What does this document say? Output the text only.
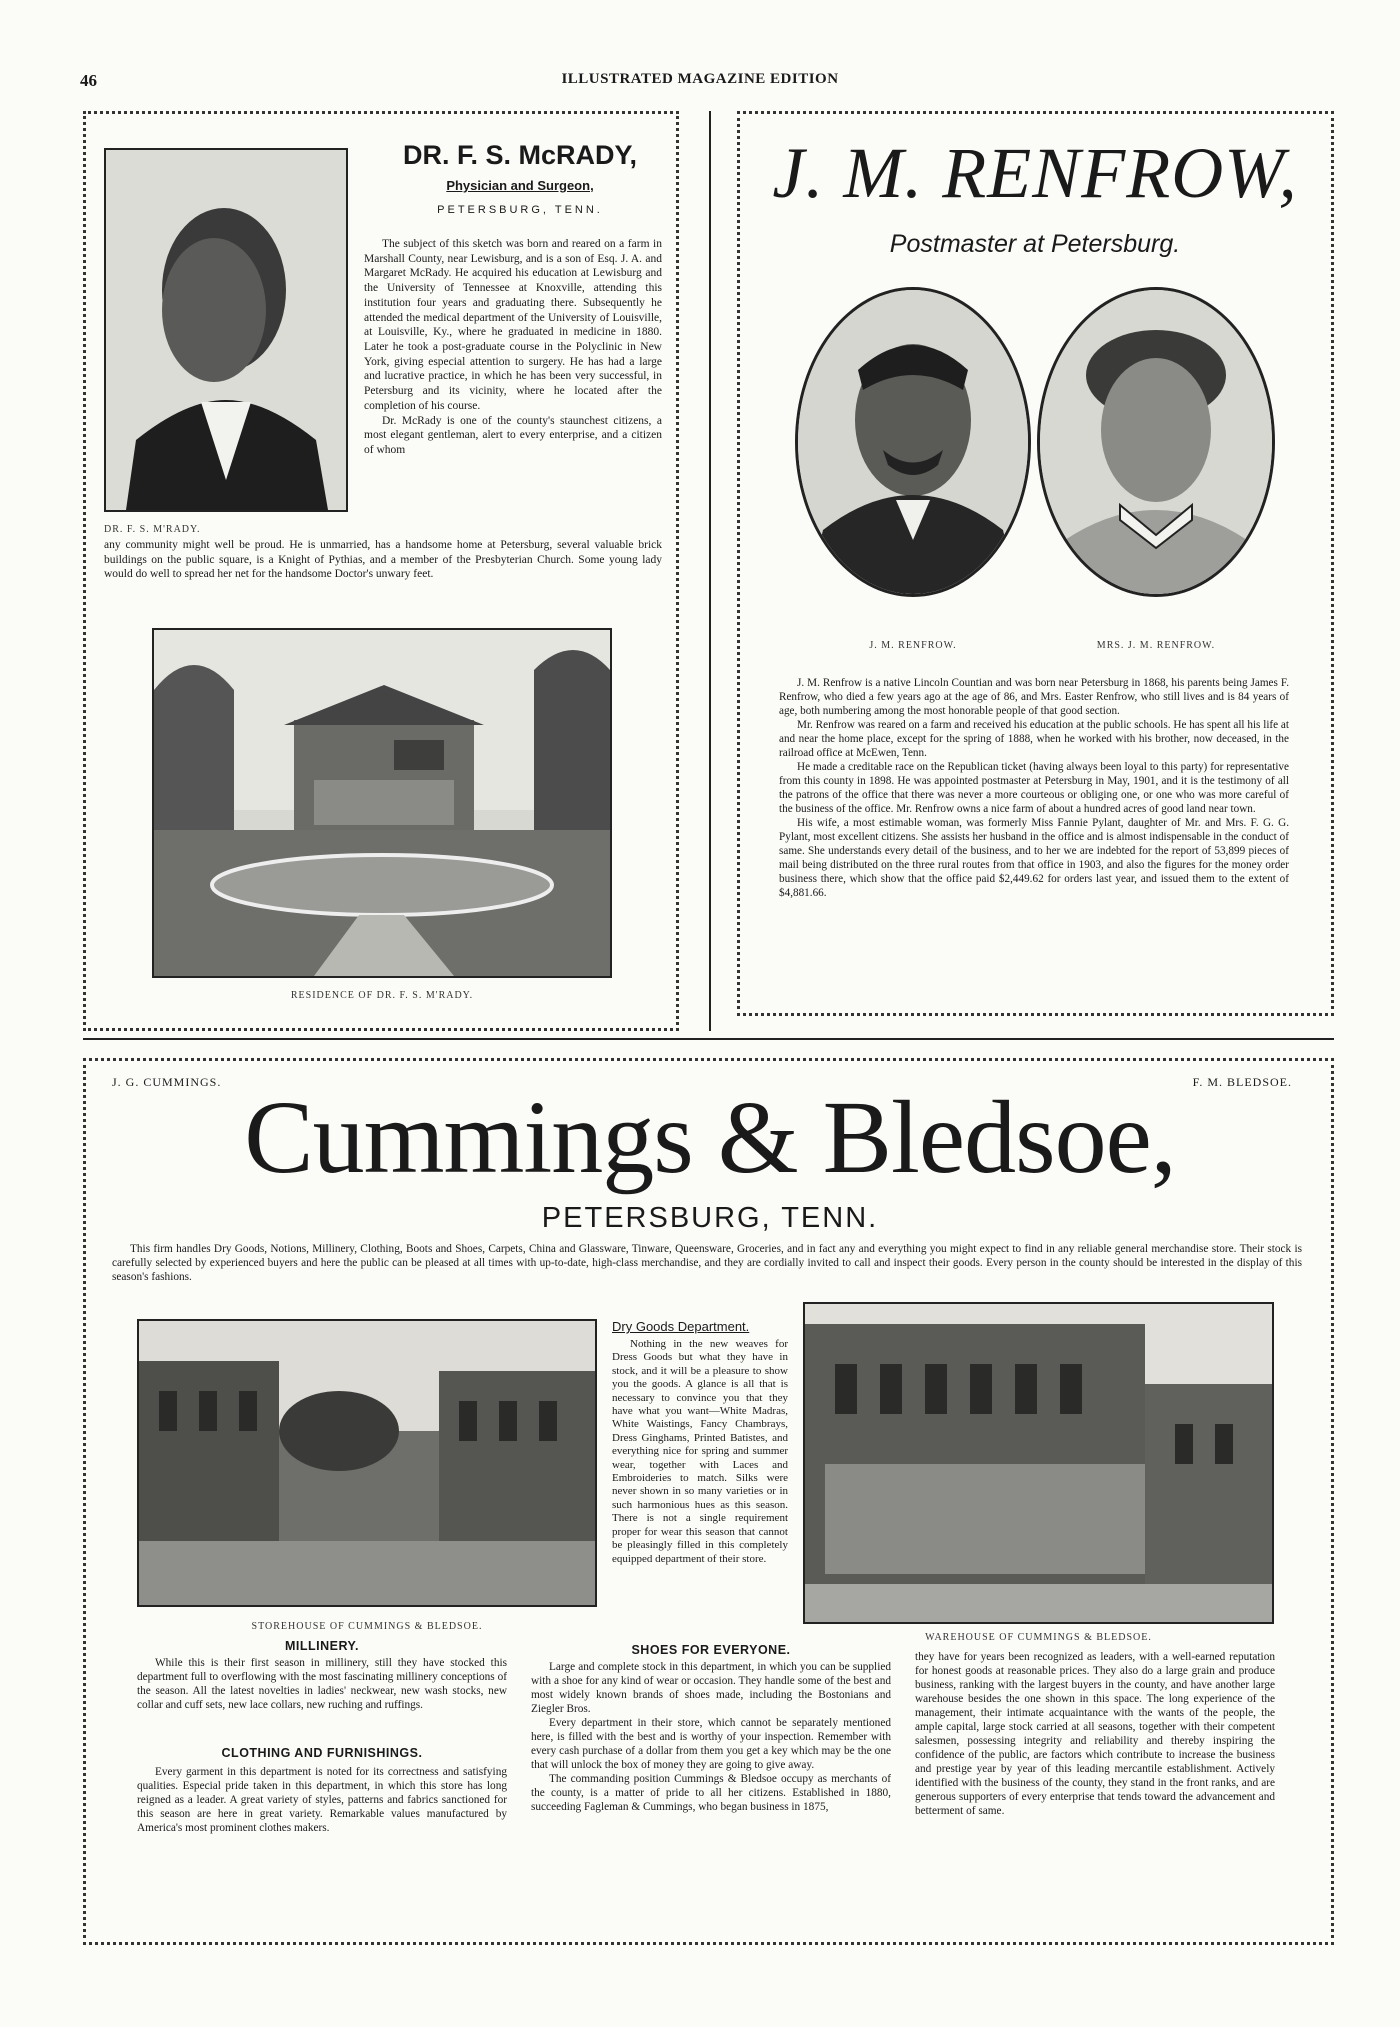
46	ILLUSTRATED MAGAZINE EDITION
DR. F. S. M'RADY.
DR. F. S. McRADY,
Physician and Surgeon,
PETERSBURG, TENN.

The subject of this sketch was born and reared on a farm in Marshall County, near Lewisburg, and is a son of Esq. J. A. and Margaret McRady. He acquired his education at Lewisburg and the University of Tennessee at Knoxville, attending this institution four years and graduating there. Subsequently he attended the medical department of the University of Louisville, at Louisville, Ky., where he graduated in medicine in 1880. Later he took a post-graduate course in the Polyclinic in New York, giving especial attention to surgery. He has had a large and lucrative practice, in which he has been very successful, in Petersburg and its vicinity, where he located after the completion of his course.

Dr. McRady is one of the county's staunchest citizens, a most elegant gentleman, alert to every enterprise, and a citizen of whom

any community might well be proud. He is unmarried, has a handsome home at Petersburg, several valuable brick buildings on the public square, is a Knight of Pythias, and a member of the Presbyterian Church. Some young lady would do well to spread her net for the handsome Doctor's unwary feet.

RESIDENCE OF DR. F. S. M'RADY.
J. M. RENFROW,
Postmaster at Petersburg.
J. M. RENFROW.	MRS. J. M. RENFROW.

J. M. Renfrow is a native Lincoln Countian and was born near Petersburg in 1868, his parents being James F. Renfrow, who died a few years ago at the age of 86, and Mrs. Easter Renfrow, who still lives and is 84 years of age, both numbering among the most honorable people of that good section.

Mr. Renfrow was reared on a farm and received his education at the public schools. He has spent all his life at and near the home place, except for the spring of 1888, when he worked with his brother, now deceased, in the railroad office at McEwen, Tenn.

He made a creditable race on the Republican ticket (having always been loyal to this party) for representative from this county in 1898. He was appointed postmaster at Petersburg in May, 1901, and it is the testimony of all the patrons of the office that there was never a more courteous or obliging one, or one who was more careful of the business of the office. Mr. Renfrow owns a nice farm of about a hundred acres of good land near town.

His wife, a most estimable woman, was formerly Miss Fannie Pylant, daughter of Mr. and Mrs. F. G. G. Pylant, most excellent citizens. She assists her husband in the office and is almost indispensable in the conduct of same. She understands every detail of the business, and to her we are indebted for the report of 53,899 pieces of mail being distributed on the three rural routes from that office in 1903, and also the figures for the money order business there, which show that the office paid $2,449.62 for orders last year, and issued them to the extent of $4,881.66.

J. G. CUMMINGS.	F. M. BLEDSOE.
Cummings & Bledsoe,
PETERSBURG, TENN.

This firm handles Dry Goods, Notions, Millinery, Clothing, Boots and Shoes, Carpets, China and Glassware, Tinware, Queensware, Groceries, and in fact any and everything you might expect to find in any reliable general merchandise store. Their stock is carefully selected by experienced buyers and here the public can be pleased at all times with up-to-date, high-class merchandise, and they are cordially invited to call and inspect their goods. Every person in the county should be interested in the display of this season's fashions.

STOREHOUSE OF CUMMINGS & BLEDSOE.
Dry Goods Department.

Nothing in the new weaves for Dress Goods but what they have in stock, and it will be a pleasure to show you the goods. A glance is all that is necessary to convince you that they have what you want—White Madras, White Waistings, Fancy Chambrays, Dress Ginghams, Printed Batistes, and everything nice for spring and summer wear, together with Laces and Embroideries to match. Silks were never shown in so many varieties or in such harmonious hues as this season. There is not a single requirement proper for wear this season that cannot be pleasingly filled in this completely equipped department of their store.

WAREHOUSE OF CUMMINGS & BLEDSOE.
MILLINERY.

While this is their first season in millinery, still they have stocked this department full to overflowing with the most fascinating millinery conceptions of the season. All the latest novelties in ladies' neckwear, new wash stocks, new collar and cuff sets, new lace collars, new ruching and ruffings.

CLOTHING AND FURNISHINGS.

Every garment in this department is noted for its correctness and satisfying qualities. Especial pride taken in this department, in which this store has long reigned as a leader. A great variety of styles, patterns and fabrics sanctioned for this season are here in great variety. Remarkable values manufactured by America's most prominent clothes makers.

SHOES FOR EVERYONE.

Large and complete stock in this department, in which you can be supplied with a shoe for any kind of wear or occasion. They handle some of the best and most widely known brands of shoes made, including the Bostonians and Ziegler Bros.

Every department in their store, which cannot be separately mentioned here, is filled with the best and is worthy of your inspection. Remember with every cash purchase of a dollar from them you get a key which may be the one that will unlock the box of money they are going to give away.

The commanding position Cummings & Bledsoe occupy as merchants of the county, is a matter of pride to all her citizens. Established in 1880, succeeding Fagleman & Cummings, who began business in 1875,

they have for years been recognized as leaders, with a well-earned reputation for honest goods at reasonable prices. They also do a large grain and produce business, ranking with the largest buyers in the county, and have another large warehouse besides the one shown in this space. The long experience of the management, their intimate acquaintance with the wants of the people, the ample capital, large stock carried at all seasons, together with their competent salesmen, possessing integrity and reliability and thereby inspiring the confidence of the public, are factors which contribute to increase the business and prestige year by year of this leading mercantile establishment. Actively identified with the business of the county, they stand in the front ranks, and are generous supporters of every enterprise that tends toward the advancement and betterment of same.
